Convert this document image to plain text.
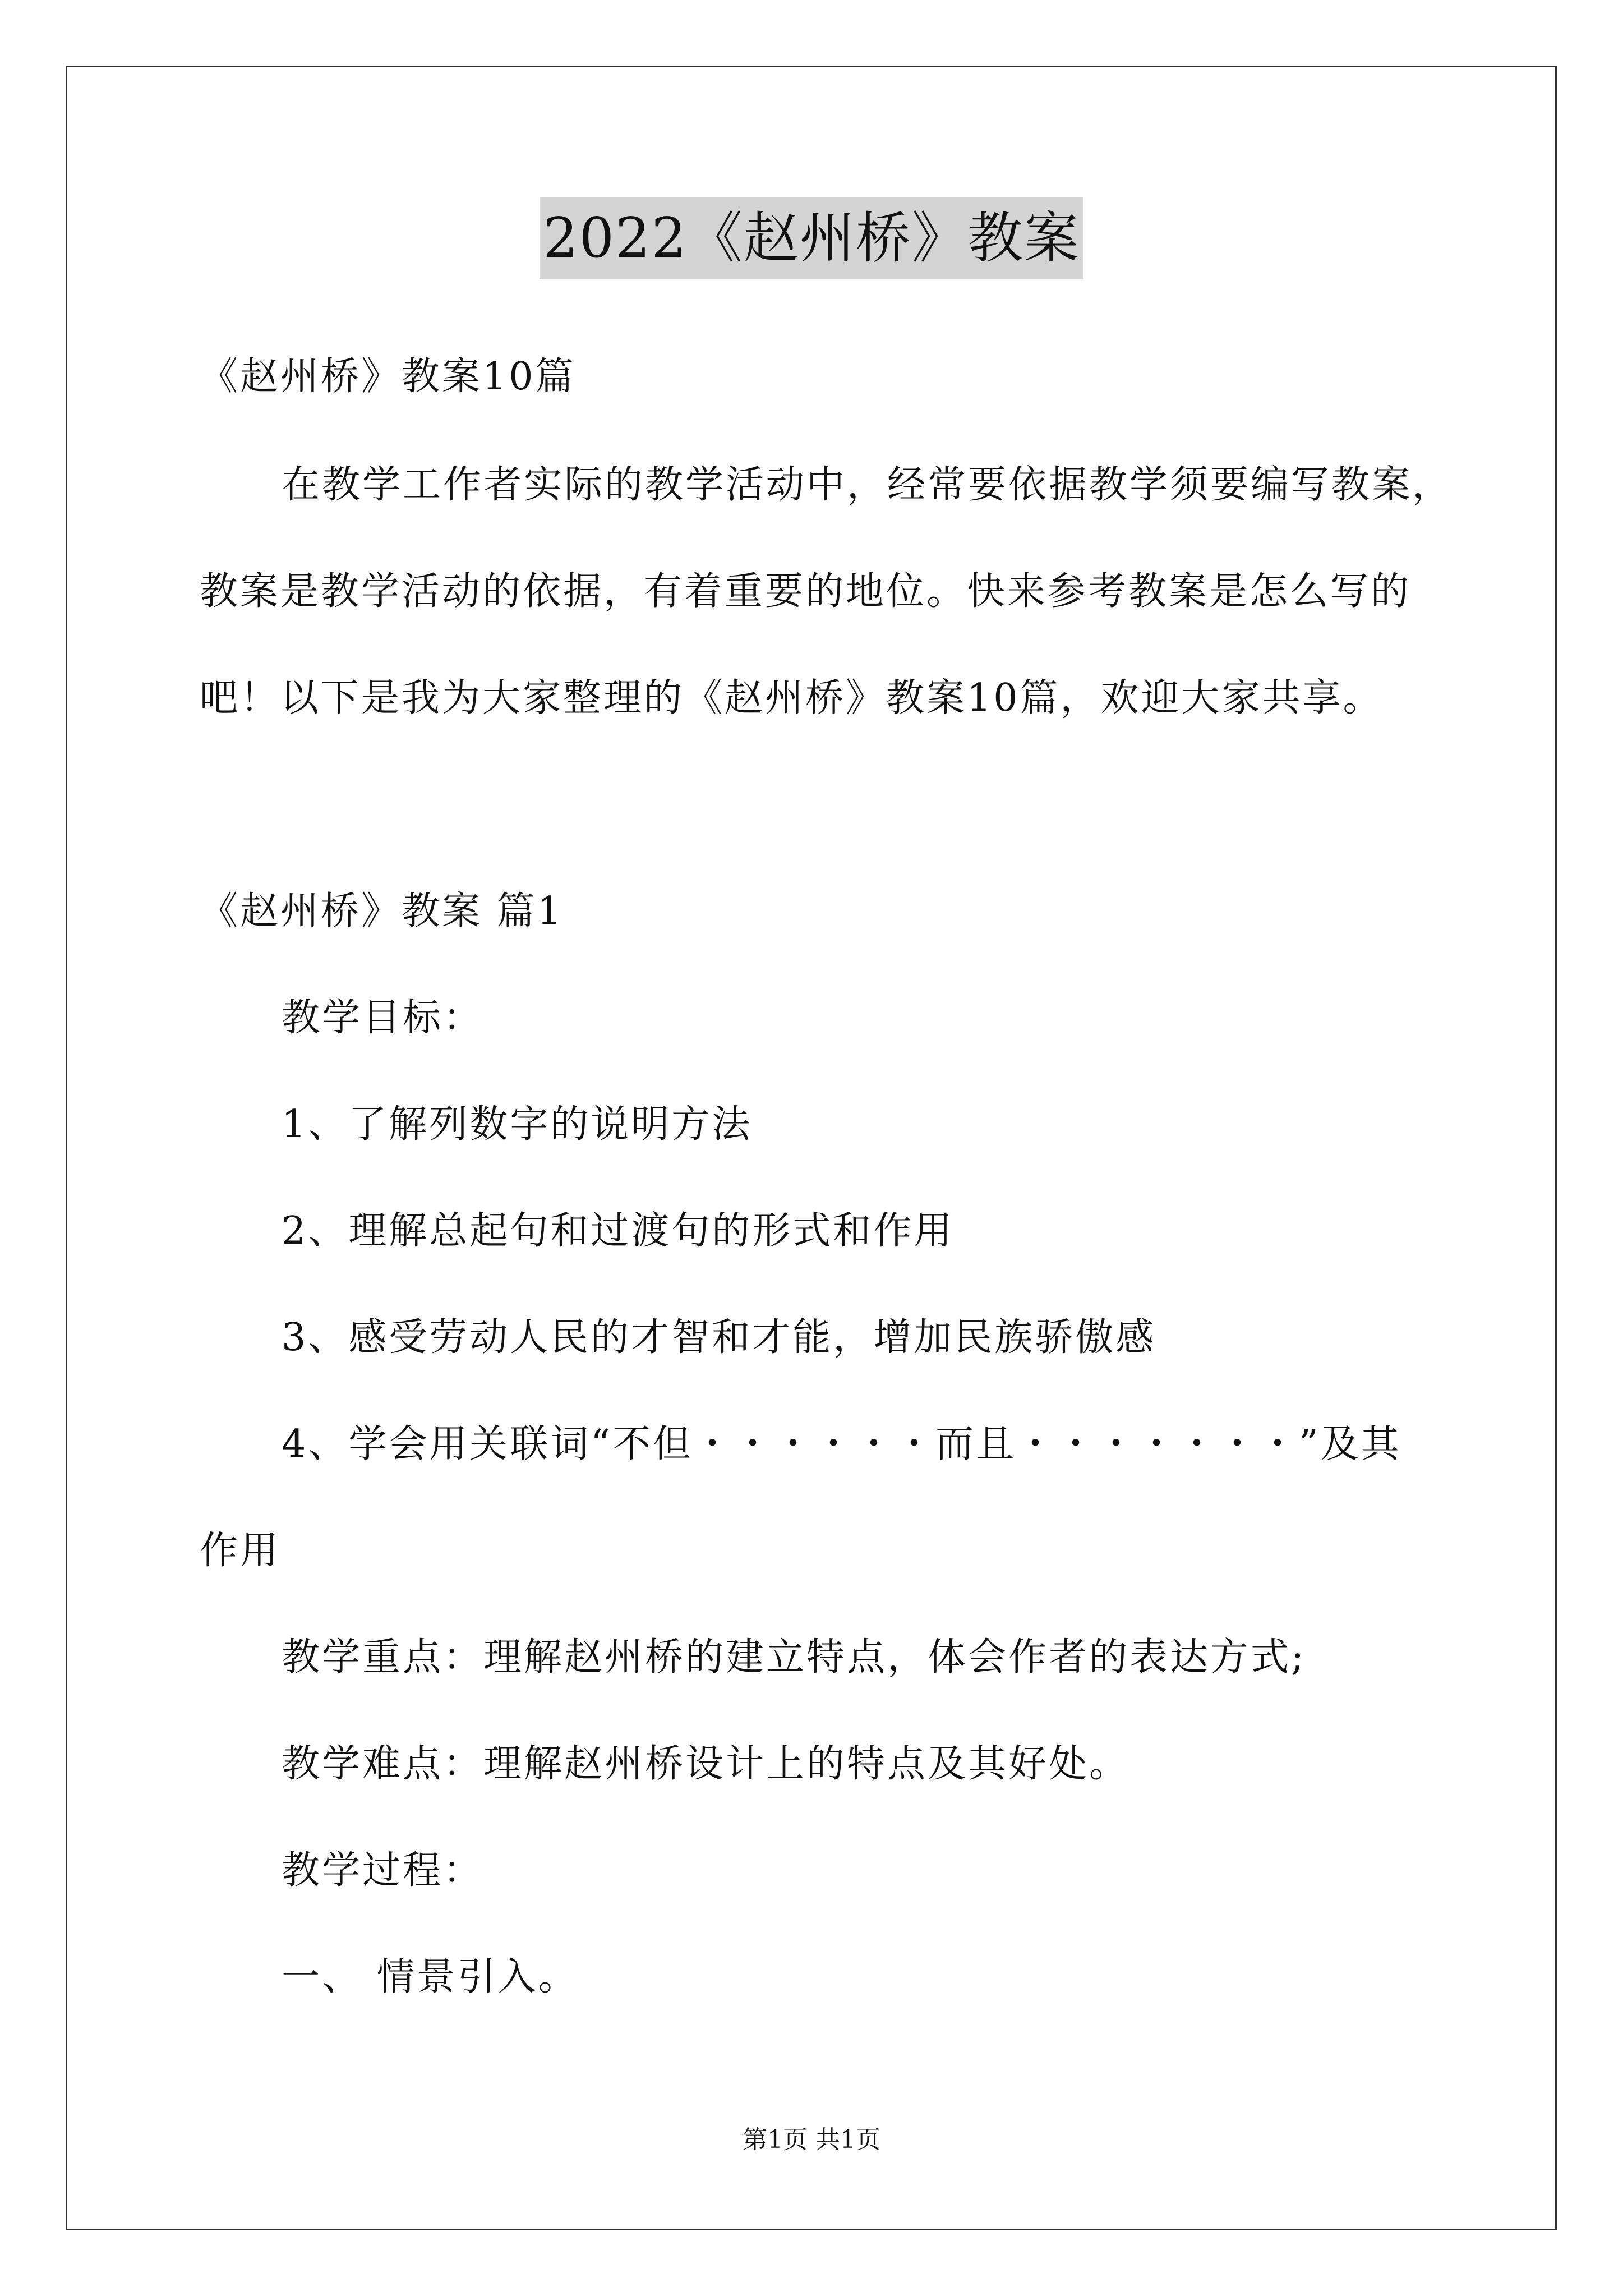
2022《赵州桥》教案
《赵州桥》教案10篇
在教学工作者实际的教学活动中，经常要依据教学须要编写教案，
教案是教学活动的依据，有着重要的地位。快来参考教案是怎么写的
吧！以下是我为大家整理的《赵州桥》教案10篇，欢迎大家共享。
《赵州桥》教案 篇1
教学目标：
1、了解列数字的说明方法
2、理解总起句和过渡句的形式和作用
3、感受劳动人民的才智和才能，增加民族骄傲感
4、学会用关联词“不但・・・・・・而且・・・・・・・”及其
作用
教学重点：理解赵州桥的建立特点，体会作者的表达方式;
教学难点：理解赵州桥设计上的特点及其好处。
教学过程：
一、 情景引入。
第1页 共1页
